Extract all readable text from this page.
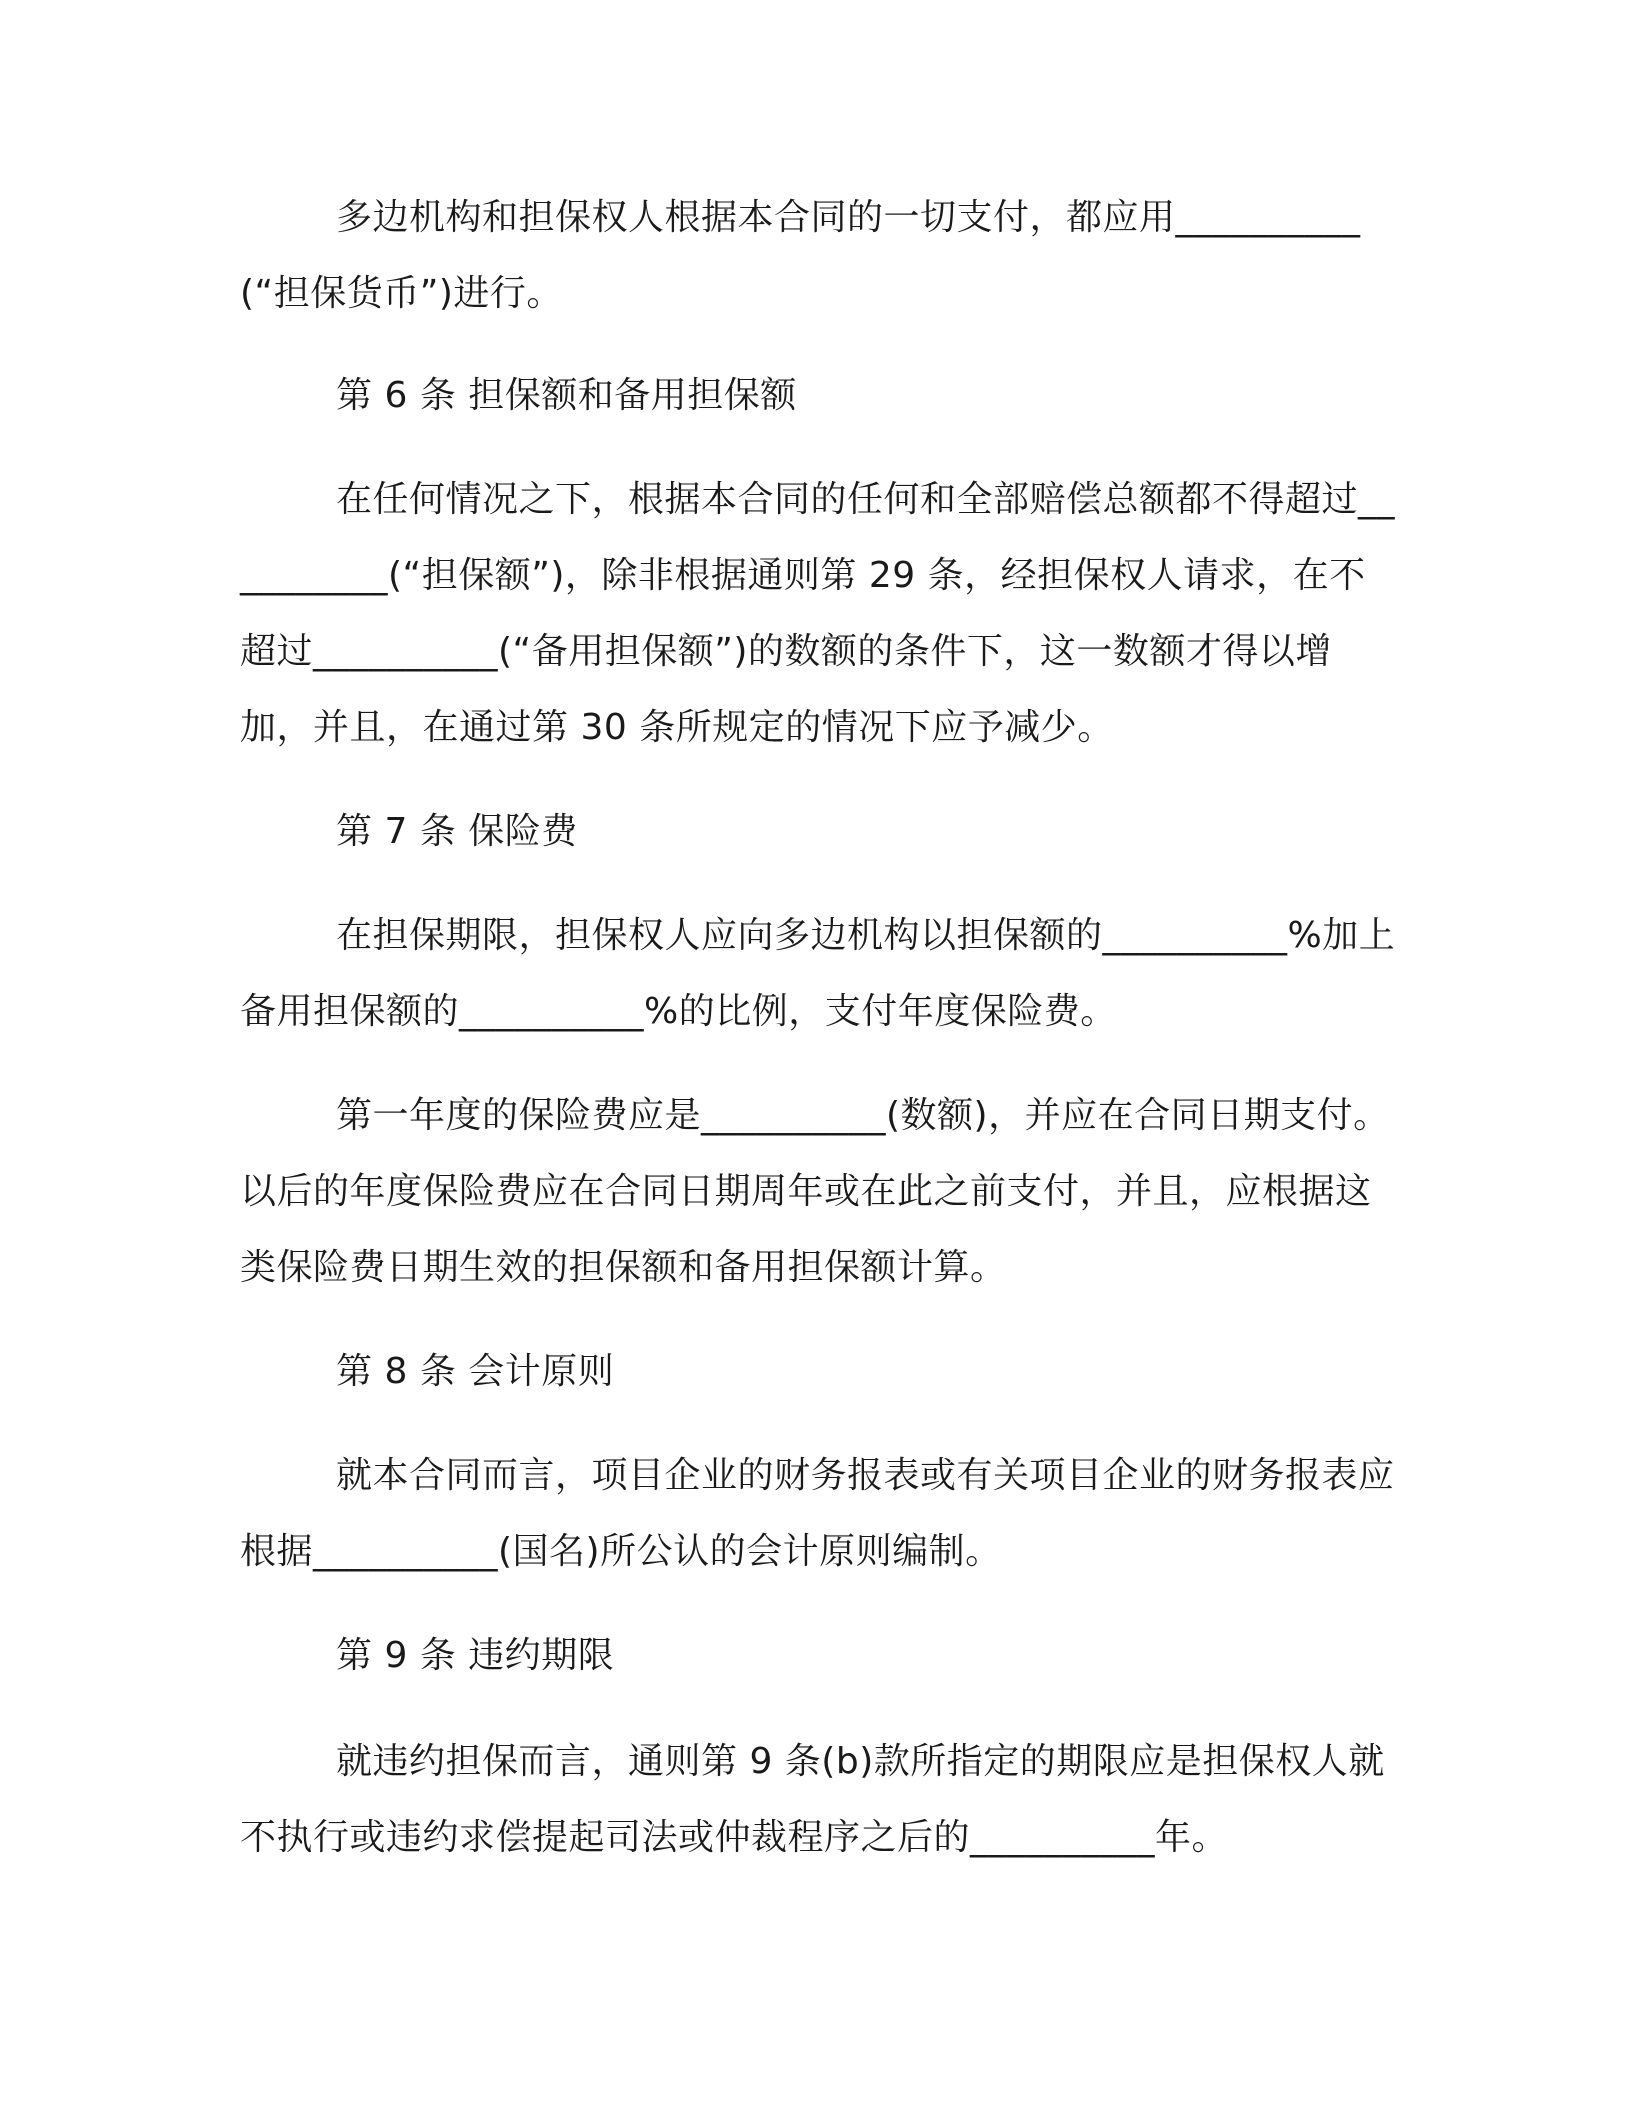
多边机构和担保权人根据本合同的一切支付，都应用__________(“担保货币”)进行。

第 6 条 担保额和备用担保额

在任何情况之下，根据本合同的任何和全部赔偿总额都不得超过__________(“担保额”)，除非根据通则第 29 条，经担保权人请求，在不超过__________(“备用担保额”)的数额的条件下，这一数额才得以增加，并且，在通过第 30 条所规定的情况下应予减少。

第 7 条 保险费

在担保期限，担保权人应向多边机构以担保额的__________%加上备用担保额的__________%的比例，支付年度保险费。

第一年度的保险费应是__________(数额)，并应在合同日期支付。以后的年度保险费应在合同日期周年或在此之前支付，并且，应根据这类保险费日期生效的担保额和备用担保额计算。

第 8 条 会计原则

就本合同而言，项目企业的财务报表或有关项目企业的财务报表应根据__________(国名)所公认的会计原则编制。

第 9 条 违约期限

就违约担保而言，通则第 9 条(b)款所指定的期限应是担保权人就不执行或违约求偿提起司法或仲裁程序之后的__________年。
